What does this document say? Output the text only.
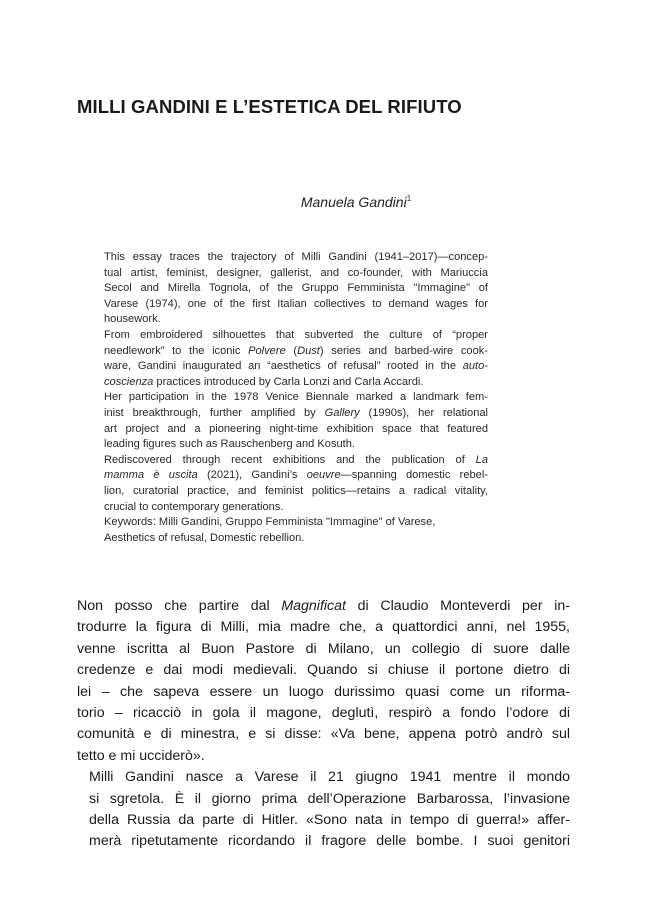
MILLI GANDINI E L’ESTETICA DEL RIFIUTO
Manuela Gandini$^1$

This essay traces the trajectory of Milli Gandini (1941–2017)—concep-
tual artist, feminist, designer, gallerist, and co-founder, with Mariuccia
Secol and Mirella Tognola, of the Gruppo Femminista "Immagine" of
Varese (1974), one of the first Italian collectives to demand wages for
housework.

From embroidered silhouettes that subverted the culture of “proper
needlework” to the iconic Polvere (Dust) series and barbed-wire cook-
ware, Gandini inaugurated an “aesthetics of refusal” rooted in the auto-
coscienza practices introduced by Carla Lonzi and Carla Accardi.

Her participation in the 1978 Venice Biennale marked a landmark fem-
inist breakthrough, further amplified by Gallery (1990s), her relational
art project and a pioneering night-time exhibition space that featured
leading figures such as Rauschenberg and Kosuth.

Rediscovered through recent exhibitions and the publication of La
mamma è uscita (2021), Gandini’s oeuvre—spanning domestic rebel-
lion, curatorial practice, and feminist politics—retains a radical vitality,
crucial to contemporary generations.

Keywords: Milli Gandini, Gruppo Femminista "Immagine" of Varese,
Aesthetics of refusal, Domestic rebellion.

Non posso che partire dal Magnificat di Claudio Monteverdi per in-
trodurre la figura di Milli, mia madre che, a quattordici anni, nel 1955,
venne iscritta al Buon Pastore di Milano, un collegio di suore dalle
credenze e dai modi medievali. Quando si chiuse il portone dietro di
lei – che sapeva essere un luogo durissimo quasi come un riforma-
torio – ricacciò in gola il magone, deglutì, respirò a fondo l’odore di
comunità e di minestra, e si disse: «Va bene, appena potrò andrò sul
tetto e mi ucciderò».

Milli Gandini nasce a Varese il 21 giugno 1941 mentre il mondo
si sgretola. È il giorno prima dell’Operazione Barbarossa, l’invasione
della Russia da parte di Hitler. «Sono nata in tempo di guerra!» affer-
merà ripetutamente ricordando il fragore delle bombe. I suoi genitori
